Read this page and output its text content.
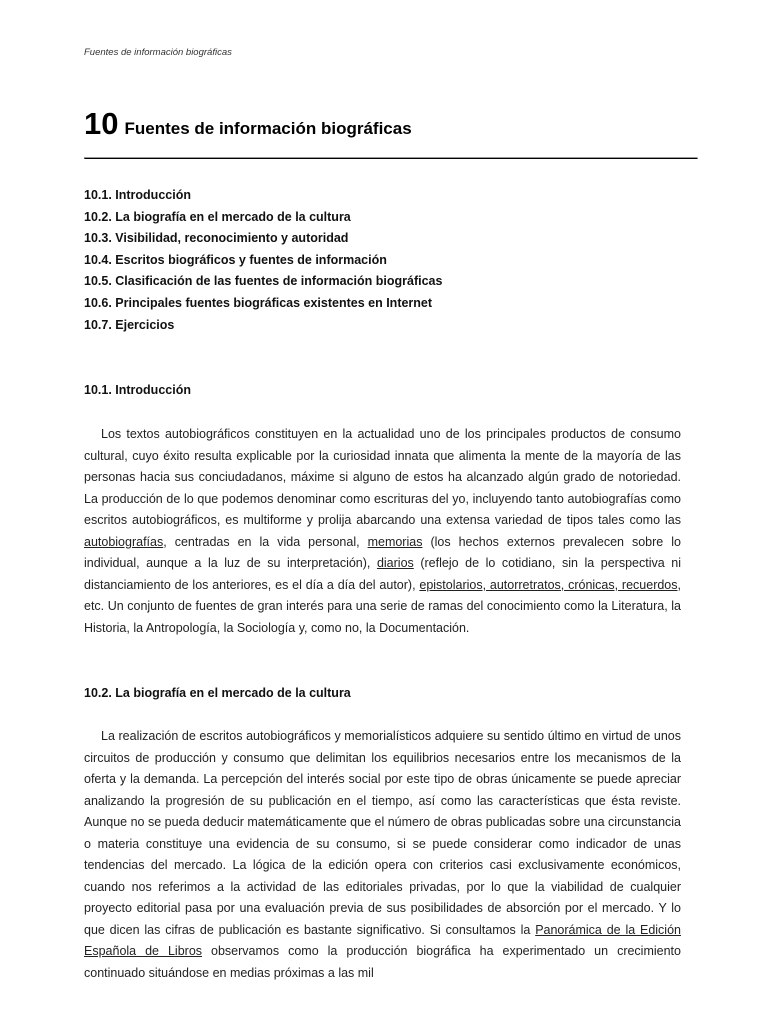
Fuentes de información biográficas
10 Fuentes de información biográficas
10.1. Introducción
10.2. La biografía en el mercado de la cultura
10.3. Visibilidad, reconocimiento y autoridad
10.4. Escritos biográficos y fuentes de información
10.5. Clasificación de las fuentes de información biográficas
10.6. Principales fuentes biográficas existentes en Internet
10.7. Ejercicios
10.1. Introducción

Los textos autobiográficos constituyen en la actualidad uno de los principales productos de consumo cultural, cuyo éxito resulta explicable por la curiosidad innata que alimenta la mente de la mayoría de las personas hacia sus conciudadanos, máxime si alguno de estos ha alcanzado algún grado de notoriedad. La producción de lo que podemos denominar como escrituras del yo, incluyendo tanto autobiografías como escritos autobiográficos, es multiforme y prolija abarcando una extensa variedad de tipos tales como las autobiografías, centradas en la vida personal, memorias (los hechos externos prevalecen sobre lo individual, aunque a la luz de su interpretación), diarios (reflejo de lo cotidiano, sin la perspectiva ni distanciamiento de los anteriores, es el día a día del autor), epistolarios, autorretratos, crónicas, recuerdos, etc. Un conjunto de fuentes de gran interés para una serie de ramas del conocimiento como la Literatura, la Historia, la Antropología, la Sociología y, como no, la Documentación.

10.2. La biografía en el mercado de la cultura

La realización de escritos autobiográficos y memorialísticos adquiere su sentido último en virtud de unos circuitos de producción y consumo que delimitan los equilibrios necesarios entre los mecanismos de la oferta y la demanda. La percepción del interés social por este tipo de obras únicamente se puede apreciar analizando la progresión de su publicación en el tiempo, así como las características que ésta reviste. Aunque no se pueda deducir matemáticamente que el número de obras publicadas sobre una circunstancia o materia constituye una evidencia de su consumo, si se puede considerar como indicador de unas tendencias del mercado. La lógica de la edición opera con criterios casi exclusivamente económicos, cuando nos referimos a la actividad de las editoriales privadas, por lo que la viabilidad de cualquier proyecto editorial pasa por una evaluación previa de sus posibilidades de absorción por el mercado. Y lo que dicen las cifras de publicación es bastante significativo. Si consultamos la Panorámica de la Edición Española de Libros observamos como la producción biográfica ha experimentado un crecimiento continuado situándose en medias próximas a las mil
